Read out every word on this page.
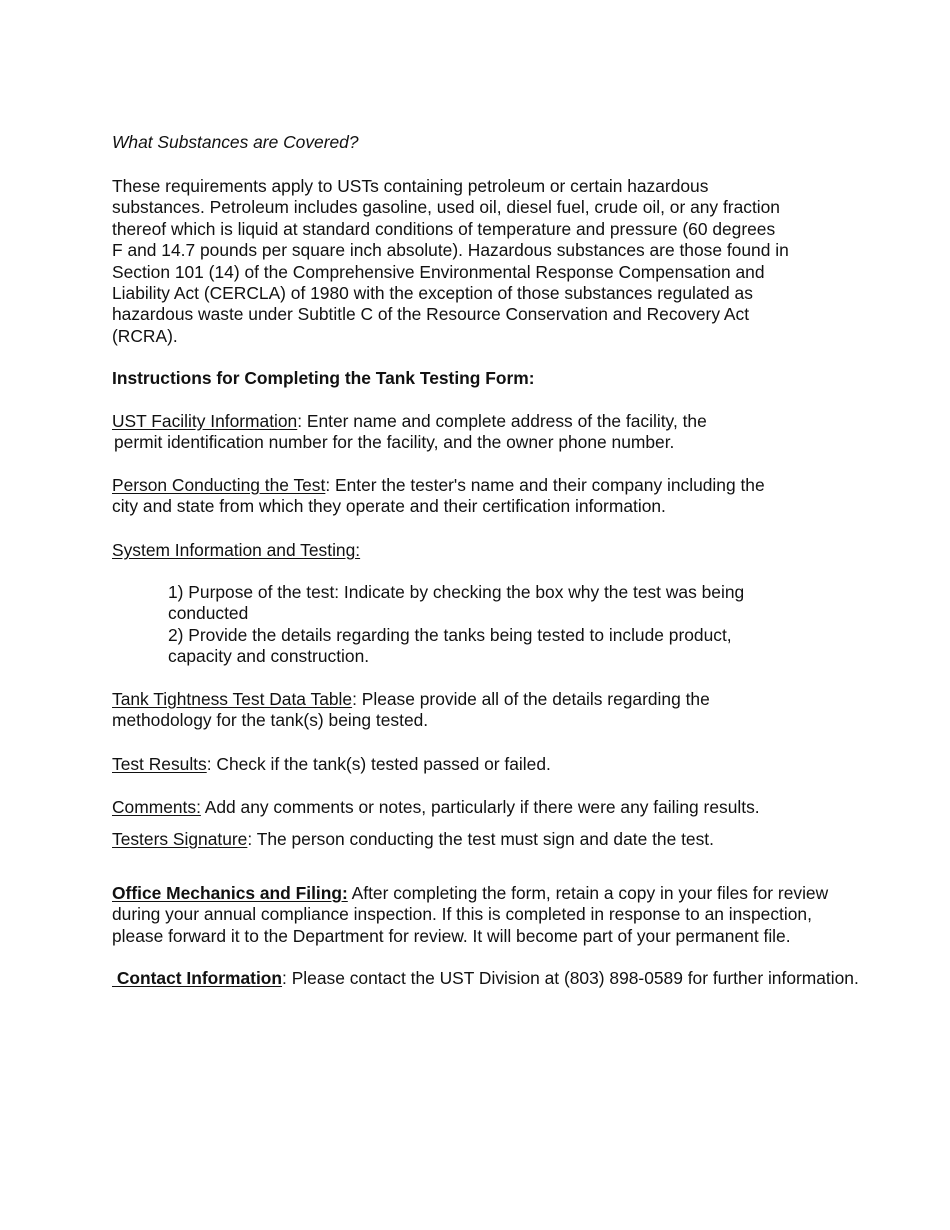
What Substances are Covered?

These requirements apply to USTs containing petroleum or certain hazardous
substances. Petroleum includes gasoline, used oil, diesel fuel, crude oil, or any fraction
thereof which is liquid at standard conditions of temperature and pressure (60 degrees
F and 14.7 pounds per square inch absolute). Hazardous substances are those found in
Section 101 (14) of the Comprehensive Environmental Response Compensation and
Liability Act (CERCLA) of 1980 with the exception of those substances regulated as
hazardous waste under Subtitle C of the Resource Conservation and Recovery Act
(RCRA).

Instructions for Completing the Tank Testing Form:

UST Facility Information: Enter name and complete address of the facility, the
permit identification number for the facility, and the owner phone number.

Person Conducting the Test: Enter the tester's name and their company including the
city and state from which they operate and their certification information.

System Information and Testing:

1) Purpose of the test: Indicate by checking the box why the test was being
conducted
2) Provide the details regarding the tanks being tested to include product,
capacity and construction.

Tank Tightness Test Data Table: Please provide all of the details regarding the
methodology for the tank(s) being tested.

Test Results: Check if the tank(s) tested passed or failed.

Comments: Add any comments or notes, particularly if there were any failing results.

Testers Signature: The person conducting the test must sign and date the test.

Office Mechanics and Filing: After completing the form, retain a copy in your files for review
during your annual compliance inspection. If this is completed in response to an inspection,
please forward it to the Department for review. It will become part of your permanent file.

Contact Information: Please contact the UST Division at (803) 898-0589 for further information.
